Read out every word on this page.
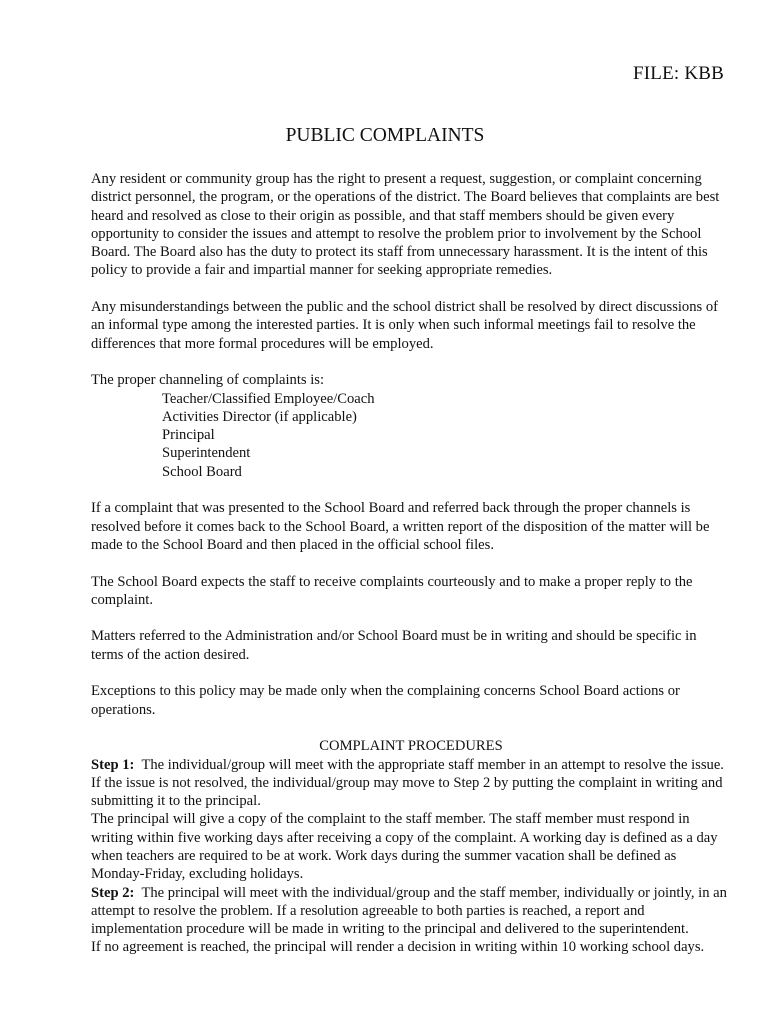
FILE: KBB
PUBLIC COMPLAINTS

Any resident or community group has the right to present a request, suggestion, or complaint concerning district personnel, the program, or the operations of the district. The Board believes that complaints are best heard and resolved as close to their origin as possible, and that staff members should be given every opportunity to consider the issues and attempt to resolve the problem prior to involvement by the School Board. The Board also has the duty to protect its staff from unnecessary harassment. It is the intent of this policy to provide a fair and impartial manner for seeking appropriate remedies.

Any misunderstandings between the public and the school district shall be resolved by direct discussions of an informal type among the interested parties. It is only when such informal meetings fail to resolve the differences that more formal procedures will be employed.

The proper channeling of complaints is:
Teacher/Classified Employee/Coach
Activities Director (if applicable)
Principal
Superintendent
School Board

If a complaint that was presented to the School Board and referred back through the proper channels is resolved before it comes back to the School Board, a written report of the disposition of the matter will be made to the School Board and then placed in the official school files.

The School Board expects the staff to receive complaints courteously and to make a proper reply to the complaint.

Matters referred to the Administration and/or School Board must be in writing and should be specific in terms of the action desired.

Exceptions to this policy may be made only when the complaining concerns School Board actions or operations.

COMPLAINT PROCEDURES

Step 1: The individual/group will meet with the appropriate staff member in an attempt to resolve the issue. If the issue is not resolved, the individual/group may move to Step 2 by putting the complaint in writing and submitting it to the principal.

The principal will give a copy of the complaint to the staff member. The staff member must respond in writing within five working days after receiving a copy of the complaint. A working day is defined as a day when teachers are required to be at work. Work days during the summer vacation shall be defined as Monday-Friday, excluding holidays.

Step 2: The principal will meet with the individual/group and the staff member, individually or jointly, in an attempt to resolve the problem. If a resolution agreeable to both parties is reached, a report and implementation procedure will be made in writing to the principal and delivered to the superintendent.

If no agreement is reached, the principal will render a decision in writing within 10 working school days.
